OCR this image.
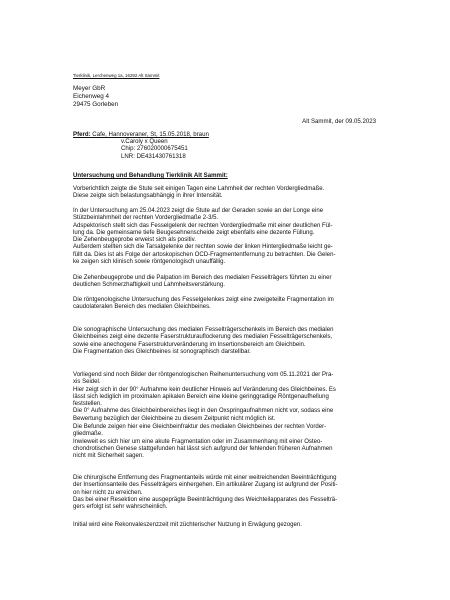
Tierklinik, Lerchenweg 1a, 16292 Alt Sammit
Meyer GbR
Eichenweg 4
29475 Gorleben
Alt Sammit, der 09.05.2023
Pferd: Cafe, Hannoveraner, St, 15.05.2018, braun
v.Caroly x Queen
Chip: 276020000675451
LNR: DE431430761318
Untersuchung und Behandlung Tierklinik Alt Sammit:
Vorberichtlich zeigte die Stute seit einigen Tagen eine Lahmheit der rechten Vordergliedmaße.
Diese zeigte sich belastungsabhängig in ihrer Intensität.
In der Untersuchung am 25.04.2023 zeigt die Stute auf der Geraden sowie an der Longe eine
Stützbeinlahmheit der rechten Vordergliedmaße 2-3/5.
Adspektorisch stellt sich das Fesselgelenk der rechten Vordergliedmaße mit einer deutlichen Fül-
lung da. Die gemeinsame tiefe Beugesehnenscheide zeigt ebenfalls eine dezente Füllung.
Die Zehenbeugeprobe erweist sich als positiv.
Außerdem stellten sich die Tarsalgelenke der rechten sowie der linken Hintergliedmaße leicht ge-
füllt da. Dies ist als Folge der artoskopischen OCD-Fragmententfernung zu betrachten. Die Gelen-
ke zeigen sich klinisch sowie röntgenologisch unauffällig.
Die Zehenbeugeprobe und die Palpation im Bereich des medialen Fesselträgers führten zu einer
deutlichen Schmerzhaftigkeit und Lahmheitsverstärkung.
Die röntgenologische Untersuchung des Fesselgelenkes zeigt eine zweigeteilte Fragmentation im
caudolateralen Bereich des medialen Gleichbeines.
Die sonographische Untersuchung des medialen Fesselträgerschenkels im Bereich des medialen
Gleichbeines zeigt eine dezente Faserstrukturauflockerung des medialen Fesselträgerschenkels,
sowie eine anechogene Faserstrukturveränderung im Insertionsbereich am Gleichbein.
Die Fragmentation des Gleichbeines ist sonographisch darstellbar.
Vorliegend sind noch Bilder der röntgenologischen Reihenuntersuchung vom 05.11.2021 der Pra-
xis Seidel.
Hier zeigt sich in der 90° Aufnahme kein deutlicher Hinweis auf Veränderung des Gleichbeines. Es
lässt sich lediglich im proximalen apikalen Bereich eine kleine geringgradige Röntgenaufhellung
feststellen.
Die 0° Aufnahme des Gleichbeinbereiches liegt in den Oxspringaufnahmen nicht vor, sodass eine
Bewertung bezüglich der Gleichbeine zu diesem Zeitpunkt nicht möglich ist.
Die Befunde zeigen hier eine Gleichbeinfraktur des medialen Gleichbeines der rechten Vorder-
gliedmaße.
Inwieweit es sich hier um eine akute Fragmentation oder im Zusammenhang mit einer Osteo-
chondrotischen Genese stattgefunden hat lässt sich aufgrund der fehlenden früheren Aufnahmen
nicht mit Sicherheit sagen.
Die chirurgische Entfernung des Fragmentanteils würde mit einer weitreichenden Beeinträchtigung
der Insertionsanteile des Fesselträgers einhergehen. Ein artikulärer Zugang ist aufgrund der Positi-
on hier nicht zu erreichen.
Das bei einer Resektion eine ausgeprägte Beeinträchtigung des Weichteilapparates des Fesselträ-
gers erfolgt ist sehr wahrscheinlich.
Initial wird eine Rekonvaleszenzzeit mit züchterischer Nutzung in Erwägung gezogen.
